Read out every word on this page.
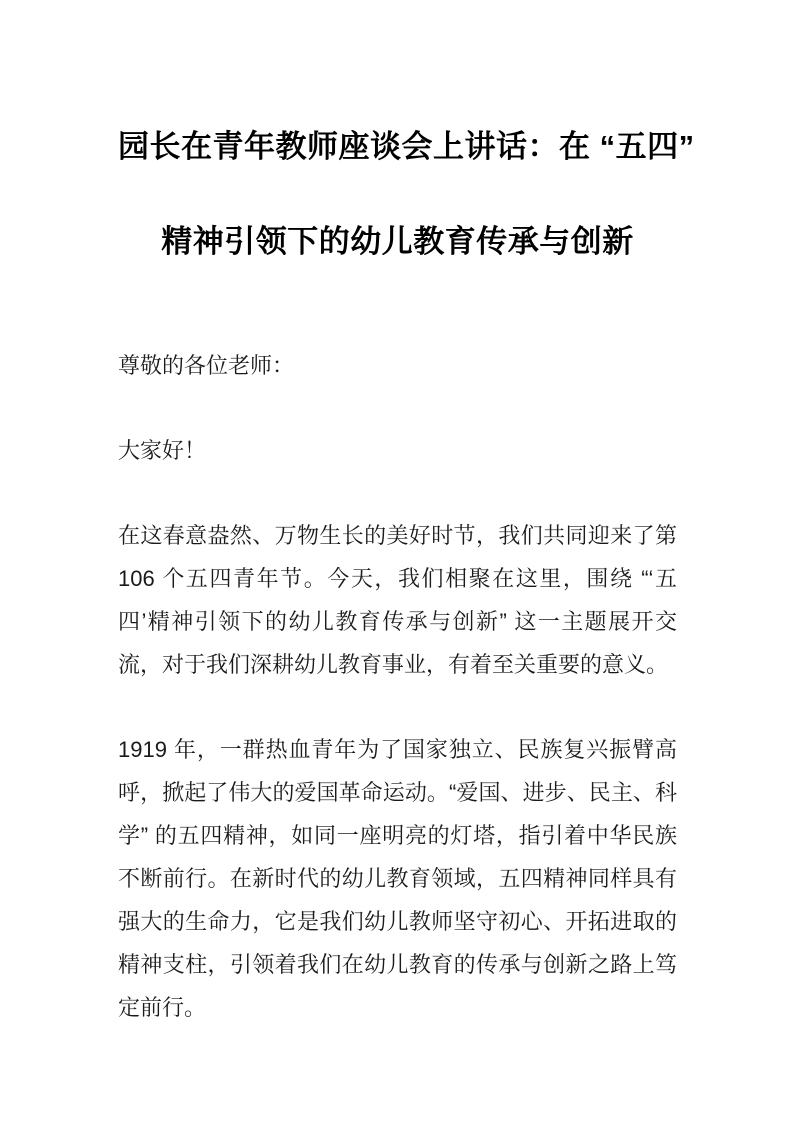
园长在青年教师座谈会上讲话：在 “五四”
精神引领下的幼儿教育传承与创新

尊敬的各位老师：

大家好！

在这春意盎然、万物生长的美好时节，我们共同迎来了第 106 个五四青年节。今天，我们相聚在这里，围绕 “‘五四’精神引领下的幼儿教育传承与创新” 这一主题展开交流，对于我们深耕幼儿教育事业，有着至关重要的意义。

1919 年，一群热血青年为了国家独立、民族复兴振臂高呼，掀起了伟大的爱国革命运动。“爱国、进步、民主、科学” 的五四精神，如同一座明亮的灯塔，指引着中华民族不断前行。在新时代的幼儿教育领域，五四精神同样具有强大的生命力，它是我们幼儿教师坚守初心、开拓进取的精神支柱，引领着我们在幼儿教育的传承与创新之路上笃定前行。
